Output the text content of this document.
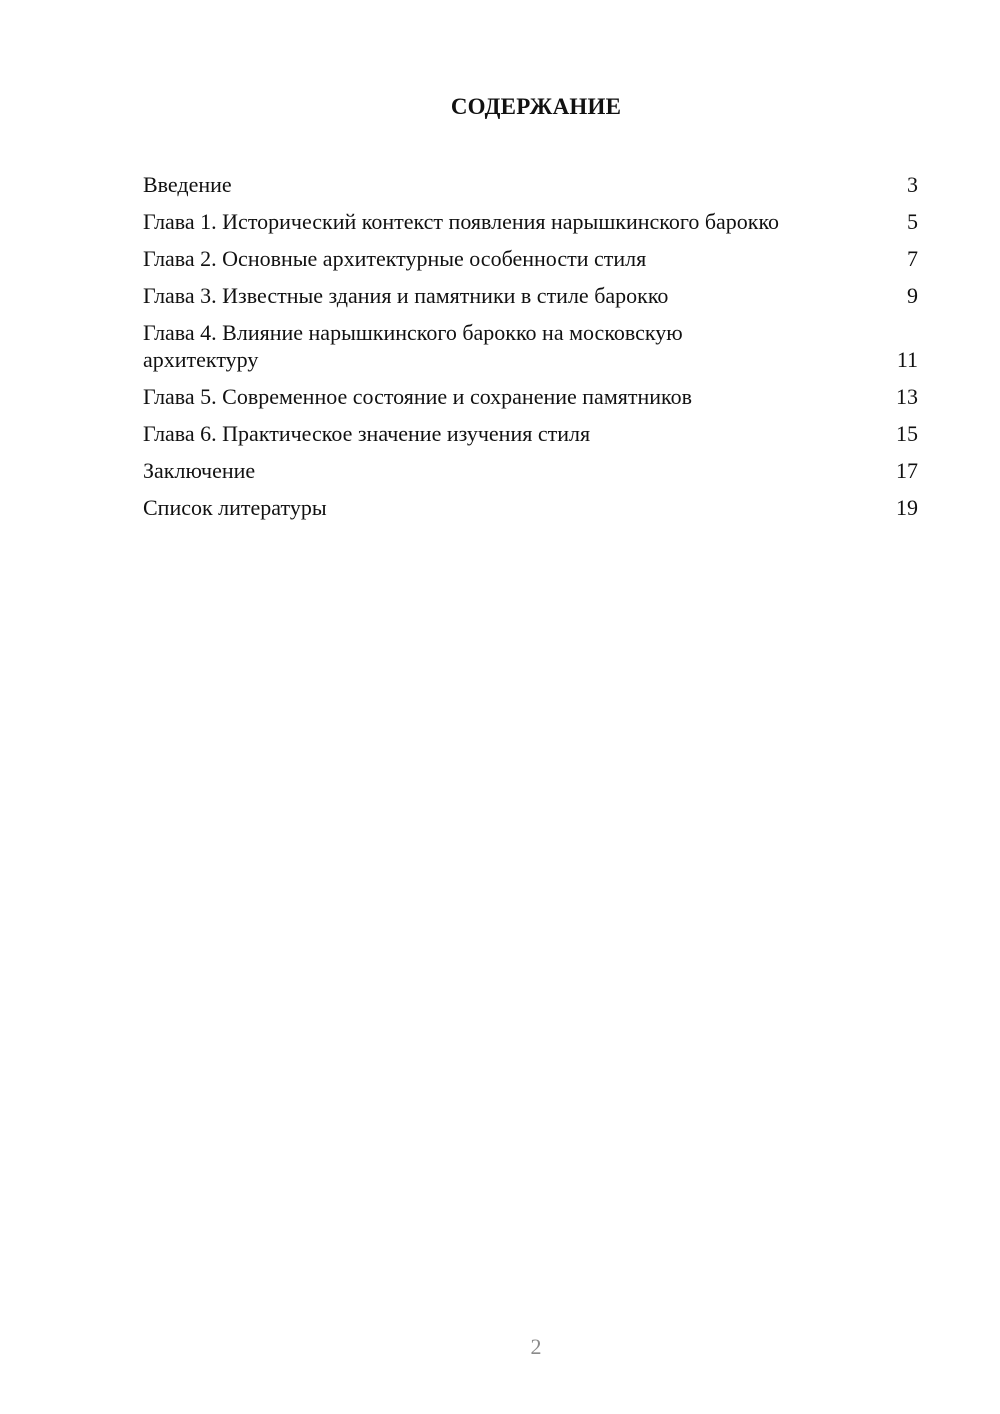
СОДЕРЖАНИЕ
Введение	3
Глава 1. Исторический контекст появления нарышкинского барокко	5
Глава 2. Основные архитектурные особенности стиля	7
Глава 3. Известные здания и памятники в стиле барокко	9
Глава 4. Влияние нарышкинского барокко на московскую архитектуру	11
Глава 5. Современное состояние и сохранение памятников	13
Глава 6. Практическое значение изучения стиля	15
Заключение	17
Список литературы	19
2
